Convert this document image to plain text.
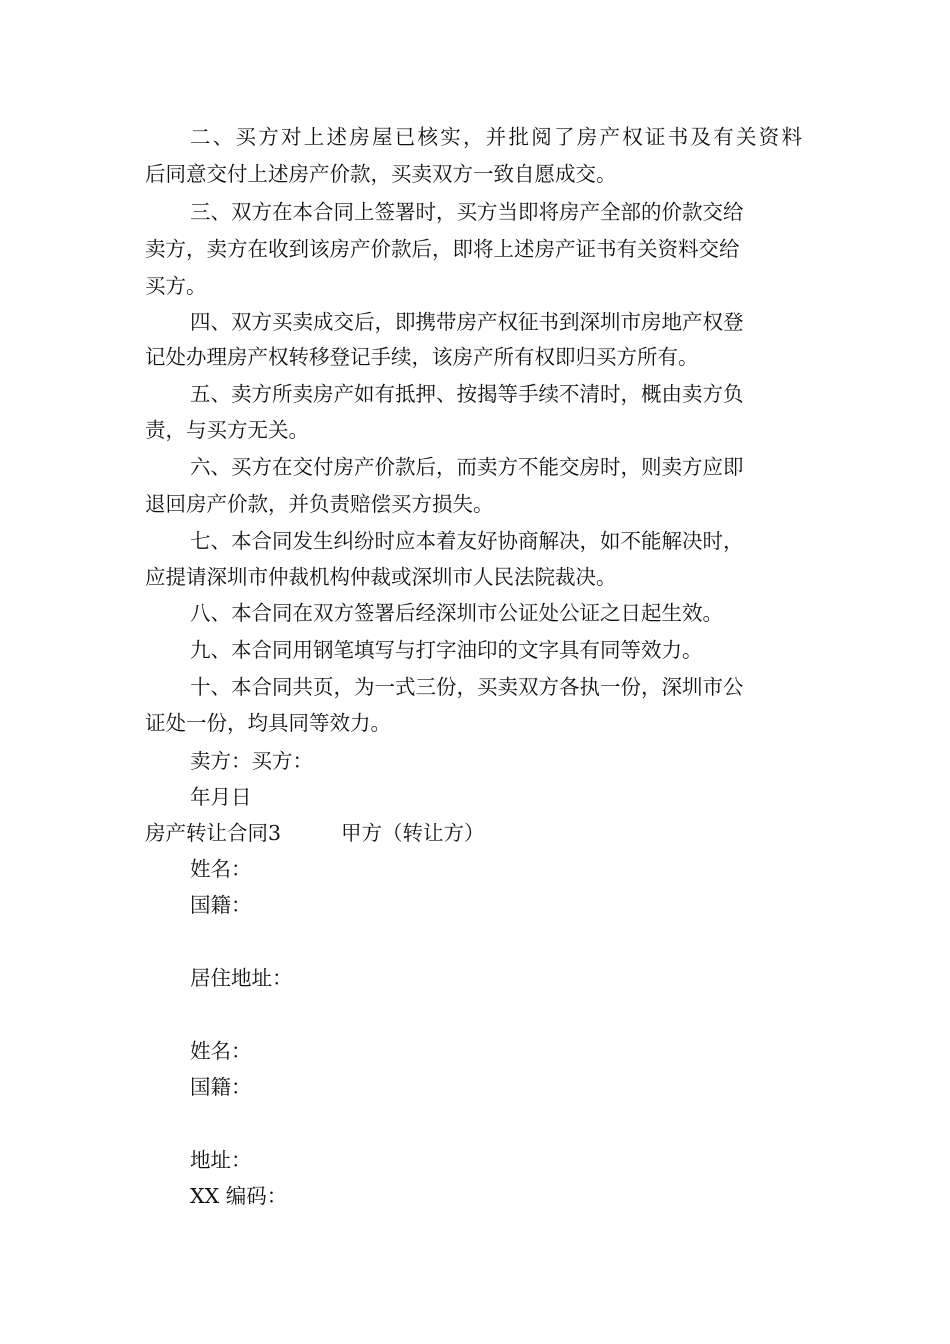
二 、 买 方 对 上 述 房 屋 已 核 实 ， 并 批 阅 了 房 产 权 证 书 及 有 关 资 料
后同意交付上述房产价款，买卖双方一致自愿成交。
三、双方在本合同上签署时，买方当即将房产全部的价款交给
卖方，卖方在收到该房产价款后，即将上述房产证书有关资料交给
买方。
四、双方买卖成交后，即携带房产权征书到深圳市房地产权登
记处办理房产权转移登记手续，该房产所有权即归买方所有。
五、卖方所卖房产如有抵押、按揭等手续不清时，概由卖方负
责，与买方无关。
六、买方在交付房产价款后，而卖方不能交房时，则卖方应即
退回房产价款，并负责赔偿买方损失。
七、本合同发生纠纷时应本着友好协商解决，如不能解决时，
应提请深圳市仲裁机构仲裁或深圳市人民法院裁决。
八、本合同在双方签署后经深圳市公证处公证之日起生效。
九、本合同用钢笔填写与打字油印的文字具有同等效力。
十、本合同共页，为一式三份，买卖双方各执一份，深圳市公
证处一份，均具同等效力。
卖方：买方：
年月日
房产转让合同3	甲方（转让方）
姓名：
国籍：
居住地址：
姓名：
国籍：
地址：
XX 编码：
